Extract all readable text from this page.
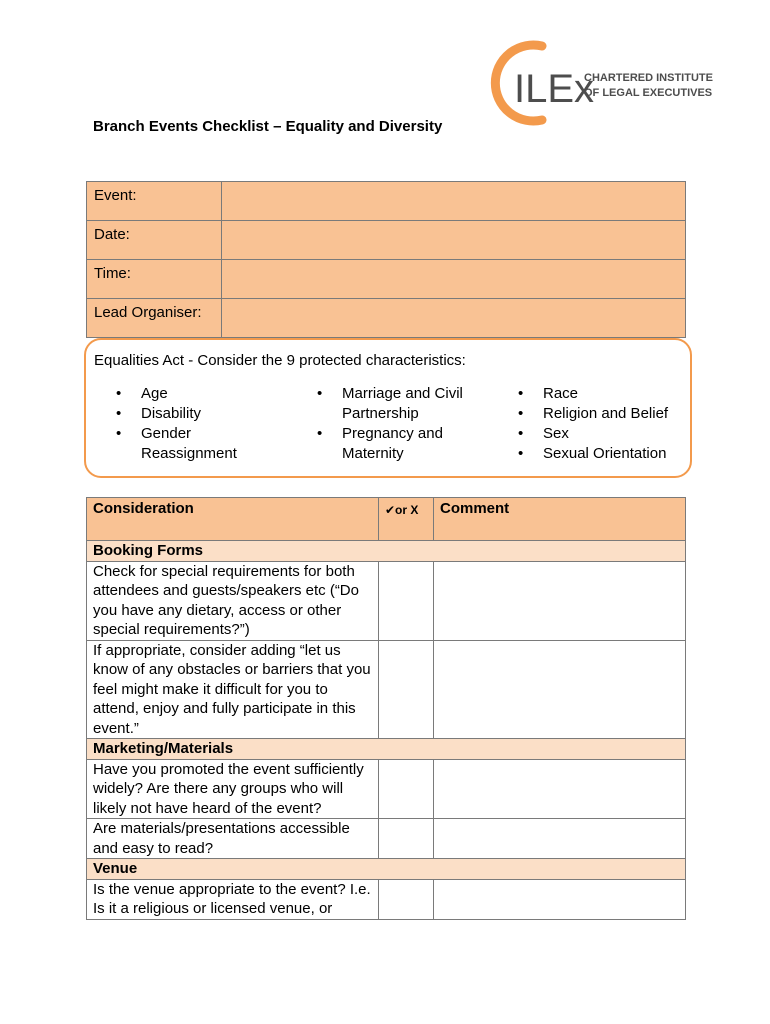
ILEx
CHARTERED INSTITUTE
OF LEGAL EXECUTIVES
Branch Events Checklist – Equality and Diversity
Event:	
Date:	
Time:	
Lead Organiser:	
Equalities Act - Consider the 9 protected characteristics:
• Age
• Disability
• Gender Reassignment
• Marriage and Civil Partnership
• Pregnancy and Maternity
• Race
• Religion and Belief
• Sex
• Sexual Orientation
Consideration	✔or X	Comment
Booking Forms		
Check for special requirements for both attendees and guests/speakers etc (“Do you have any dietary, access or other special requirements?”)		
If appropriate, consider adding “let us know of any obstacles or barriers that you feel might make it difficult for you to attend, enjoy and fully participate in this event.”		
Marketing/Materials		
Have you promoted the event sufficiently widely? Are there any groups who will likely not have heard of the event?		
Are materials/presentations accessible and easy to read?		
Venue		
Is the venue appropriate to the event? I.e. Is it a religious or licensed venue, or		
